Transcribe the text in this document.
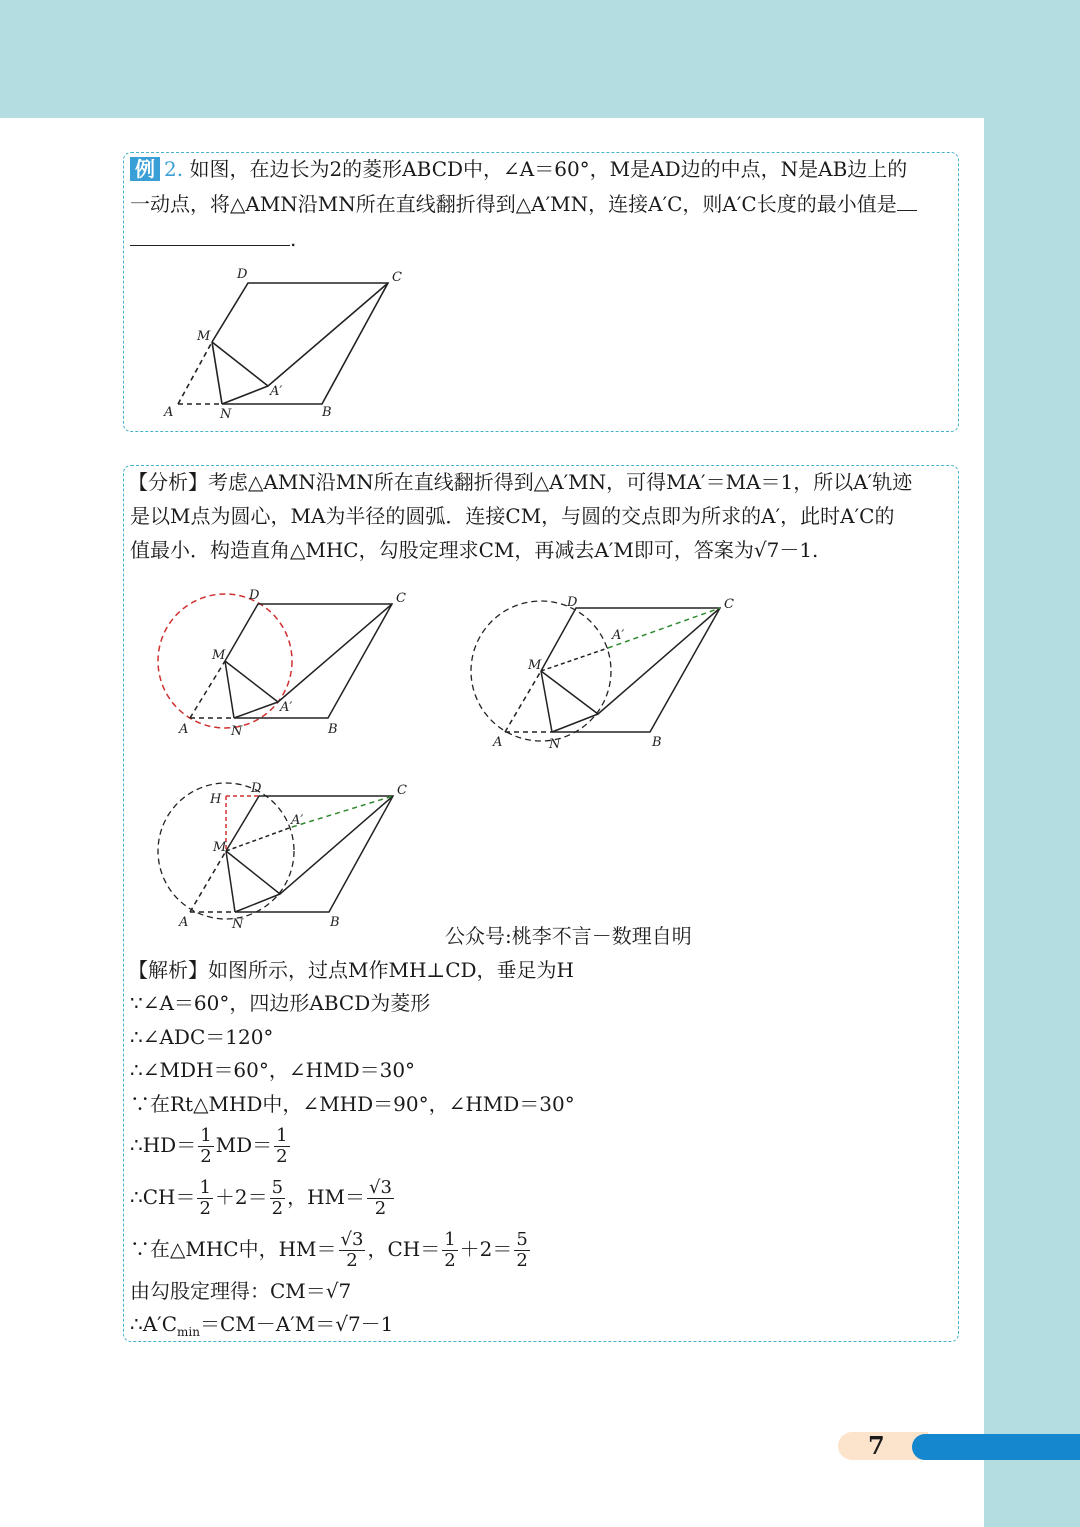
例 2. 如图，在边长为2的菱形ABCD中，∠A＝60°，M是AD边的中点，N是AB边上的
一动点，将△AMN沿MN所在直线翻折得到△A′MN，连接A′C，则A′C长度的最小值是
.
D	C
M
A′
A	N	B
【分析】考虑△AMN沿MN所在直线翻折得到△A′MN，可得MA′＝MA＝1，所以A′轨迹
是以M点为圆心，MA为半径的圆弧．连接CM，与圆的交点即为所求的A′，此时A′C的
值最小．构造直角△MHC，勾股定理求CM，再减去A′M即可，答案为√7－1.
D	C
M
A′
A	N	B
D	C
A′
M
A	N	B
H
D	C
A′
M
A	N	B
公众号:桃李不言－数理自明
【解析】如图所示，过点M作MH⊥CD，垂足为H
∵∠A＝60°，四边形ABCD为菱形
∴∠ADC＝120°
∴∠MDH＝60°，∠HMD＝30°
∵在Rt△MHD中，∠MHD＝90°，∠HMD＝30°
∴HD＝ $\frac{1}{2} MD= \frac{1}{2}$
∴CH＝ $\frac{1}{2} +2= \frac{5}{2}$ ，$HM= \frac{√3}{2}$
∵在△MHC中，$HM= \frac{√3}{2}$ ，$CH= \frac{1}{2} +2= \frac{5}{2}$
由勾股定理得：CM＝√7
$\therefore A'C_{min}=CM-A'M=√7-1$
7
